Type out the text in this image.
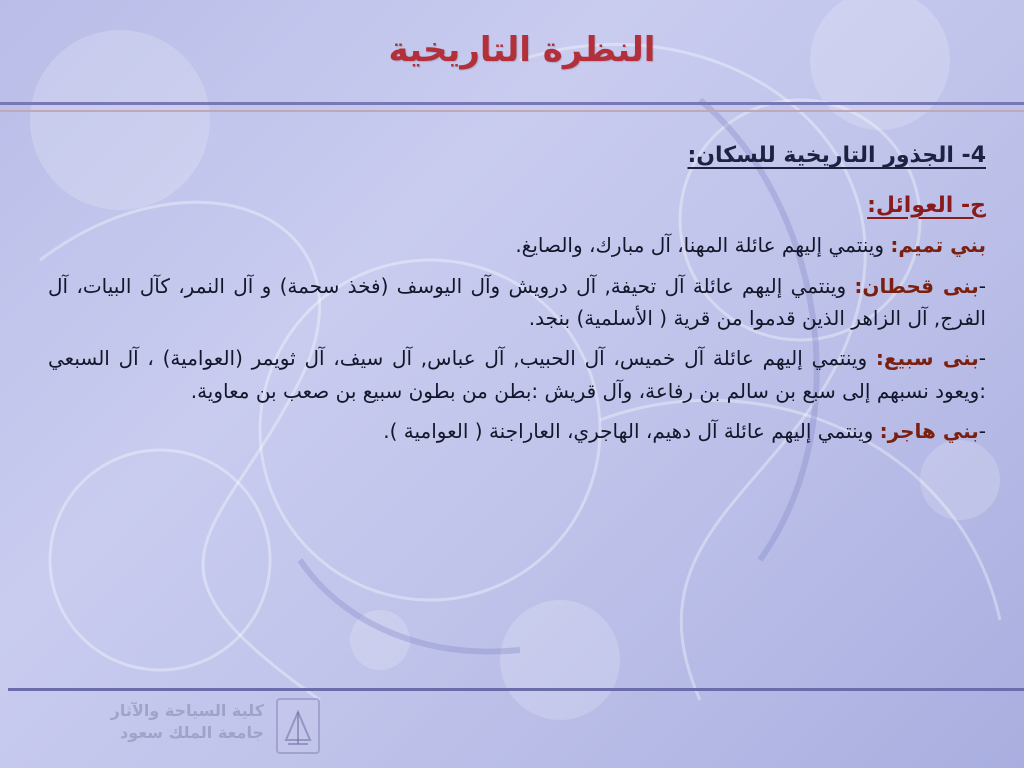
النظرة التاريخية
4- الجذور التاريخية للسكان:
ج- العوائل:

بني تميم: وينتمي إليهم عائلة المهنا، آل مبارك، والصايغ.

-بنى قحطان: وينتمي إليهم عائلة آل تحيفة, آل درويش وآل اليوسف (فخذ سحمة) و آل النمر، كآل البيات، آل الفرج, آل الزاهر الذين قدموا من قرية ( الأسلمية) بنجد.

-بنى سبيع: وينتمي إليهم عائلة آل خميس، آل الحبيب, آل عباس, آل سيف، آل ثويمر (العوامية) ، آل السبعي :ويعود نسبهم إلى سبع بن سالم بن رفاعة، وآل قريش :بطن من بطون سبيع بن صعب بن معاوية.

-بني هاجر: وينتمي إليهم عائلة آل دهيم، الهاجري، العاراجنة ( العوامية ).

كلية السياحة والآثار
جامعة الملك سعود
